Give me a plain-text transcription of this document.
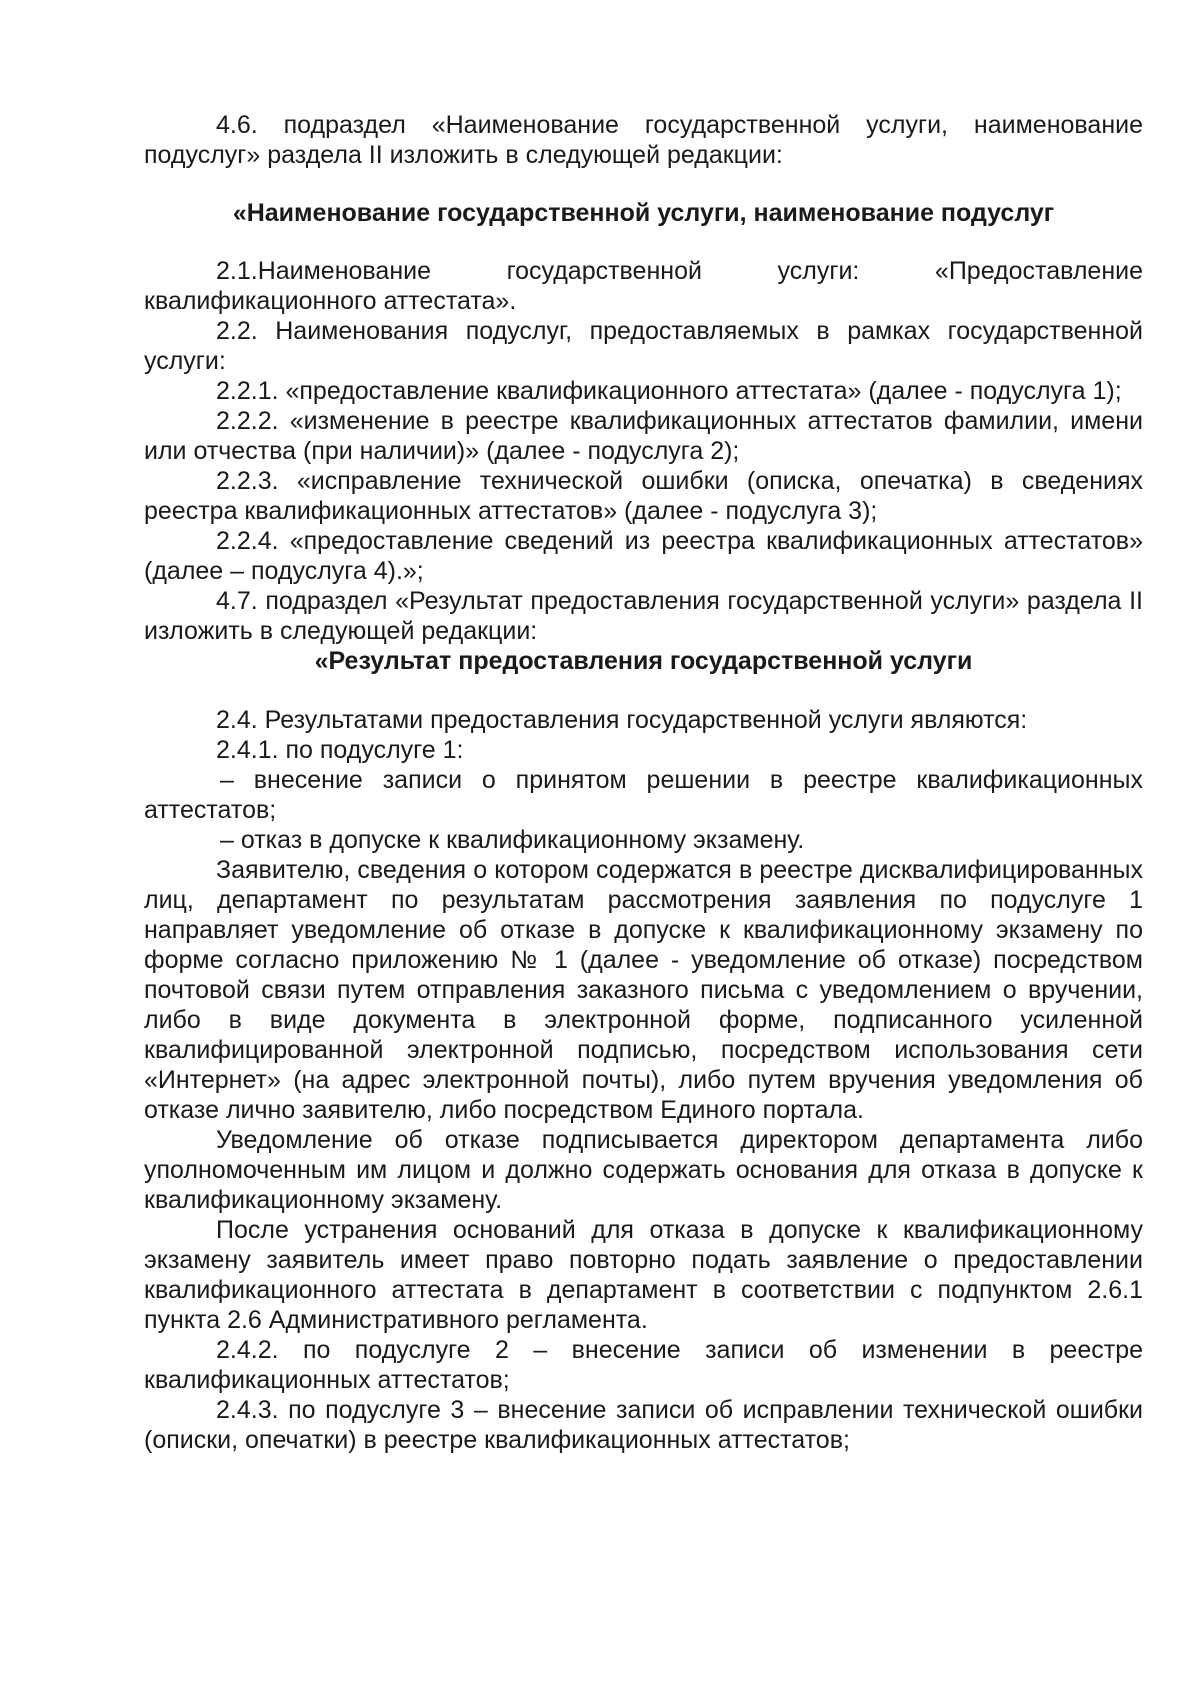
4.6. подраздел «Наименование государственной услуги, наименование подуслуг» раздела II изложить в следующей редакции:

«Наименование государственной услуги, наименование подуслуг

2.1.Наименование государственной услуги: «Предоставление квалификационного аттестата».

2.2. Наименования подуслуг, предоставляемых в рамках государственной услуги:

2.2.1. «предоставление квалификационного аттестата» (далее - подуслуга 1);

2.2.2. «изменение в реестре квалификационных аттестатов фамилии, имени или отчества (при наличии)» (далее - подуслуга 2);

2.2.3. «исправление технической ошибки (описка, опечатка) в сведениях реестра квалификационных аттестатов» (далее - подуслуга 3);

2.2.4. «предоставление сведений из реестра квалификационных аттестатов» (далее – подуслуга 4).»;

4.7. подраздел «Результат предоставления государственной услуги» раздела II изложить в следующей редакции:

«Результат предоставления государственной услуги

2.4. Результатами предоставления государственной услуги являются:

2.4.1. по подуслуге 1:

– внесение записи о принятом решении в реестре квалификационных аттестатов;

– отказ в допуске к квалификационному экзамену.

Заявителю, сведения о котором содержатся в реестре дисквалифицированных лиц, департамент по результатам рассмотрения заявления по подуслуге 1 направляет уведомление об отказе в допуске к квалификационному экзамену по форме согласно приложению № 1 (далее - уведомление об отказе) посредством почтовой связи путем отправления заказного письма с уведомлением о вручении, либо в виде документа в электронной форме, подписанного усиленной квалифицированной электронной подписью, посредством использования сети «Интернет» (на адрес электронной почты), либо путем вручения уведомления об отказе лично заявителю, либо посредством Единого портала.

Уведомление об отказе подписывается директором департамента либо уполномоченным им лицом и должно содержать основания для отказа в допуске к квалификационному экзамену.

После устранения оснований для отказа в допуске к квалификационному экзамену заявитель имеет право повторно подать заявление о предоставлении квалификационного аттестата в департамент в соответствии с подпунктом 2.6.1 пункта 2.6 Административного регламента.

2.4.2. по подуслуге 2 – внесение записи об изменении в реестре квалификационных аттестатов;

2.4.3. по подуслуге 3 – внесение записи об исправлении технической ошибки (описки, опечатки) в реестре квалификационных аттестатов;
